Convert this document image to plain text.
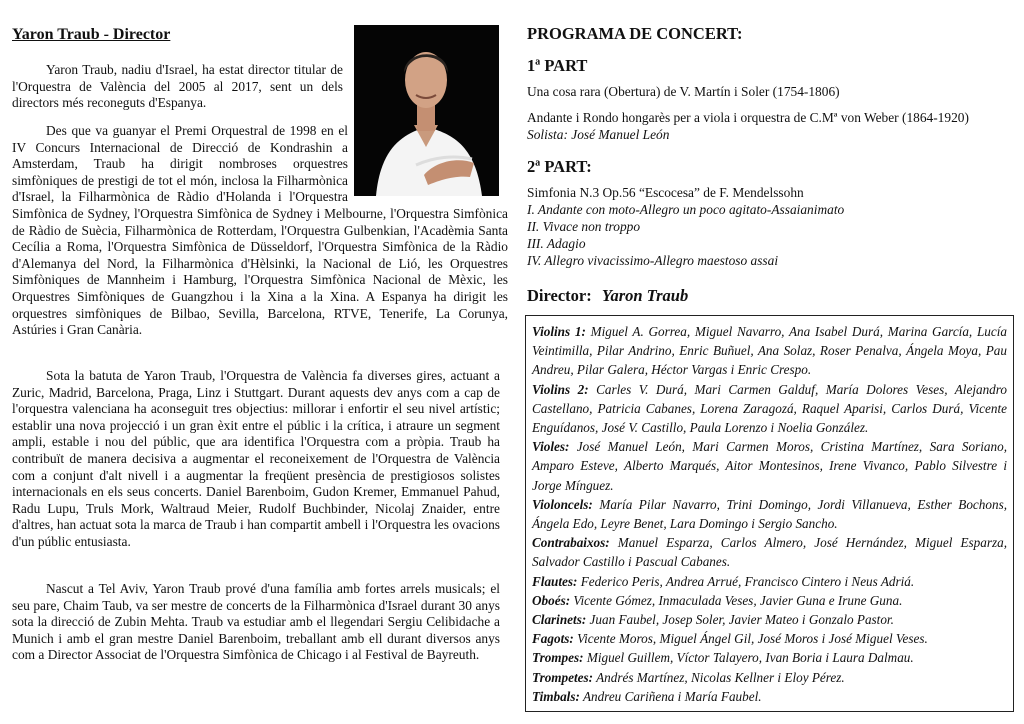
Yaron Traub - Director

Yaron Traub, nadiu d'Israel, ha estat director titular de l'Orquestra de València del 2005 al 2017, sent un dels directors més reconeguts d'Espanya.

Des que va guanyar el Premi Orquestral de 1998 en el IV Concurs Internacional de Direcció de Kondrashin a Amsterdam, Traub ha dirigit nombroses orquestres simfòniques de prestigi de tot el món, inclosa la Filharmònica d'Israel, la Filharmònica de Ràdio d'Holanda i l'Orquestra Simfònica de Sydney, l'Orquestra Simfònica de Sydney i Melbourne, l'Orquestra Simfònica de Ràdio de Suècia, Filharmònica de Rotterdam, l'Orquestra Gulbenkian, l'Acadèmia Santa Cecília a Roma, l'Orquestra Simfònica de Düsseldorf, l'Orquestra Simfònica de la Ràdio d'Alemanya del Nord, la Filharmònica d'Hèlsinki, la Nacional de Lió, les Orquestres Simfòniques de Mannheim i Hamburg, l'Orquestra Simfònica Nacional de Mèxic, les Orquestres Simfòniques de Guangzhou i la Xina a la Xina. A Espanya ha dirigit les orquestres simfòniques de Bilbao, Sevilla, Barcelona, RTVE, Tenerife, La Corunya, Astúries i Gran Canària.

Sota la batuta de Yaron Traub, l'Orquestra de València fa diverses gires, actuant a Zuric, Madrid, Barcelona, Praga, Linz i Stuttgart. Durant aquests dev anys com a cap de l'orquestra valenciana ha aconseguit tres objectius: millorar i enfortir el seu nivel artístic; establir una nova projecció i un gran èxit entre el públic i la crítica, i atraure un segment ampli, estable i nou del públic, que ara identifica l'Orquestra com a pròpia. Traub ha contribuït de manera decisiva a augmentar el reconeixement de l'Orquestra de València com a conjunt d'alt nivell i a augmentar la freqüent presència de prestigiosos solistes internacionals en els seus concerts. Daniel Barenboim, Gudon Kremer, Emmanuel Pahud, Radu Lupu, Truls Mork, Waltraud Meier, Rudolf Buchbinder, Nicolaj Znaider, entre d'altres, han actuat sota la marca de Traub i han compartit ambell i l'Orquestra les ovacions d'un públic entusiasta.

Nascut a Tel Aviv, Yaron Traub prové d'una família amb fortes arrels musicals; el seu pare, Chaim Taub, va ser mestre de concerts de la Filharmònica d'Israel durant 30 anys sota la direcció de Zubin Mehta. Traub va estudiar amb el llegendari Sergiu Celibidache a Munich i amb el gran mestre Daniel Barenboim, treballant amb ell durant diversos anys com a Director Associat de l'Orquestra Simfònica de Chicago i al Festival de Bayreuth.

PROGRAMA DE CONCERT:
1ª PART

Una cosa rara (Obertura) de V. Martín i Soler (1754-1806)

Andante i Rondo hongarès per a viola i orquestra de C.Mª von Weber (1864-1920)

Solista: José Manuel León

2ª PART:

Simfonia N.3 Op.56 “Escocesa” de F. Mendelssohn

I. Andante con moto-Allegro un poco agitato-Assaianimato

II. Vivace non troppo

III. Adagio

IV. Allegro vivacissimo-Allegro maestoso assai

Director: Yaron Traub

Violins 1: Miguel A. Gorrea, Miguel Navarro, Ana Isabel Durá, Marina García, Lucía Veintimilla, Pilar Andrino, Enric Buñuel, Ana Solaz, Roser Penalva, Ángela Moya, Pau Andreu, Pilar Galera, Héctor Vargas i Enric Crespo.

Violins 2: Carles V. Durá, Mari Carmen Galduf, María Dolores Veses, Alejandro Castellano, Patricia Cabanes, Lorena Zaragozá, Raquel Aparisi, Carlos Durá, Vicente Enguídanos, José V. Castillo, Paula Lorenzo i Noelia González.

Violes: José Manuel León, Mari Carmen Moros, Cristina Martínez, Sara Soriano, Amparo Esteve, Alberto Marqués, Aitor Montesinos, Irene Vivanco, Pablo Silvestre i Jorge Mínguez.

Violoncels: María Pilar Navarro, Trini Domingo, Jordi Villanueva, Esther Bochons, Ángela Edo, Leyre Benet, Lara Domingo i Sergio Sancho.

Contrabaixos: Manuel Esparza, Carlos Almero, José Hernández, Miguel Esparza, Salvador Castillo i Pascual Cabanes.

Flautes: Federico Peris, Andrea Arrué, Francisco Cintero i Neus Adriá.

Oboés: Vicente Gómez, Inmaculada Veses, Javier Guna e Irune Guna.

Clarinets: Juan Faubel, Josep Soler, Javier Mateo i Gonzalo Pastor.

Fagots: Vicente Moros, Miguel Ángel Gil, José Moros i José Miguel Veses.

Trompes: Miguel Guillem, Víctor Talayero, Ivan Boria i Laura Dalmau.

Trompetes: Andrés Martínez, Nicolas Kellner i Eloy Pérez.

Timbals: Andreu Cariñena i María Faubel.
